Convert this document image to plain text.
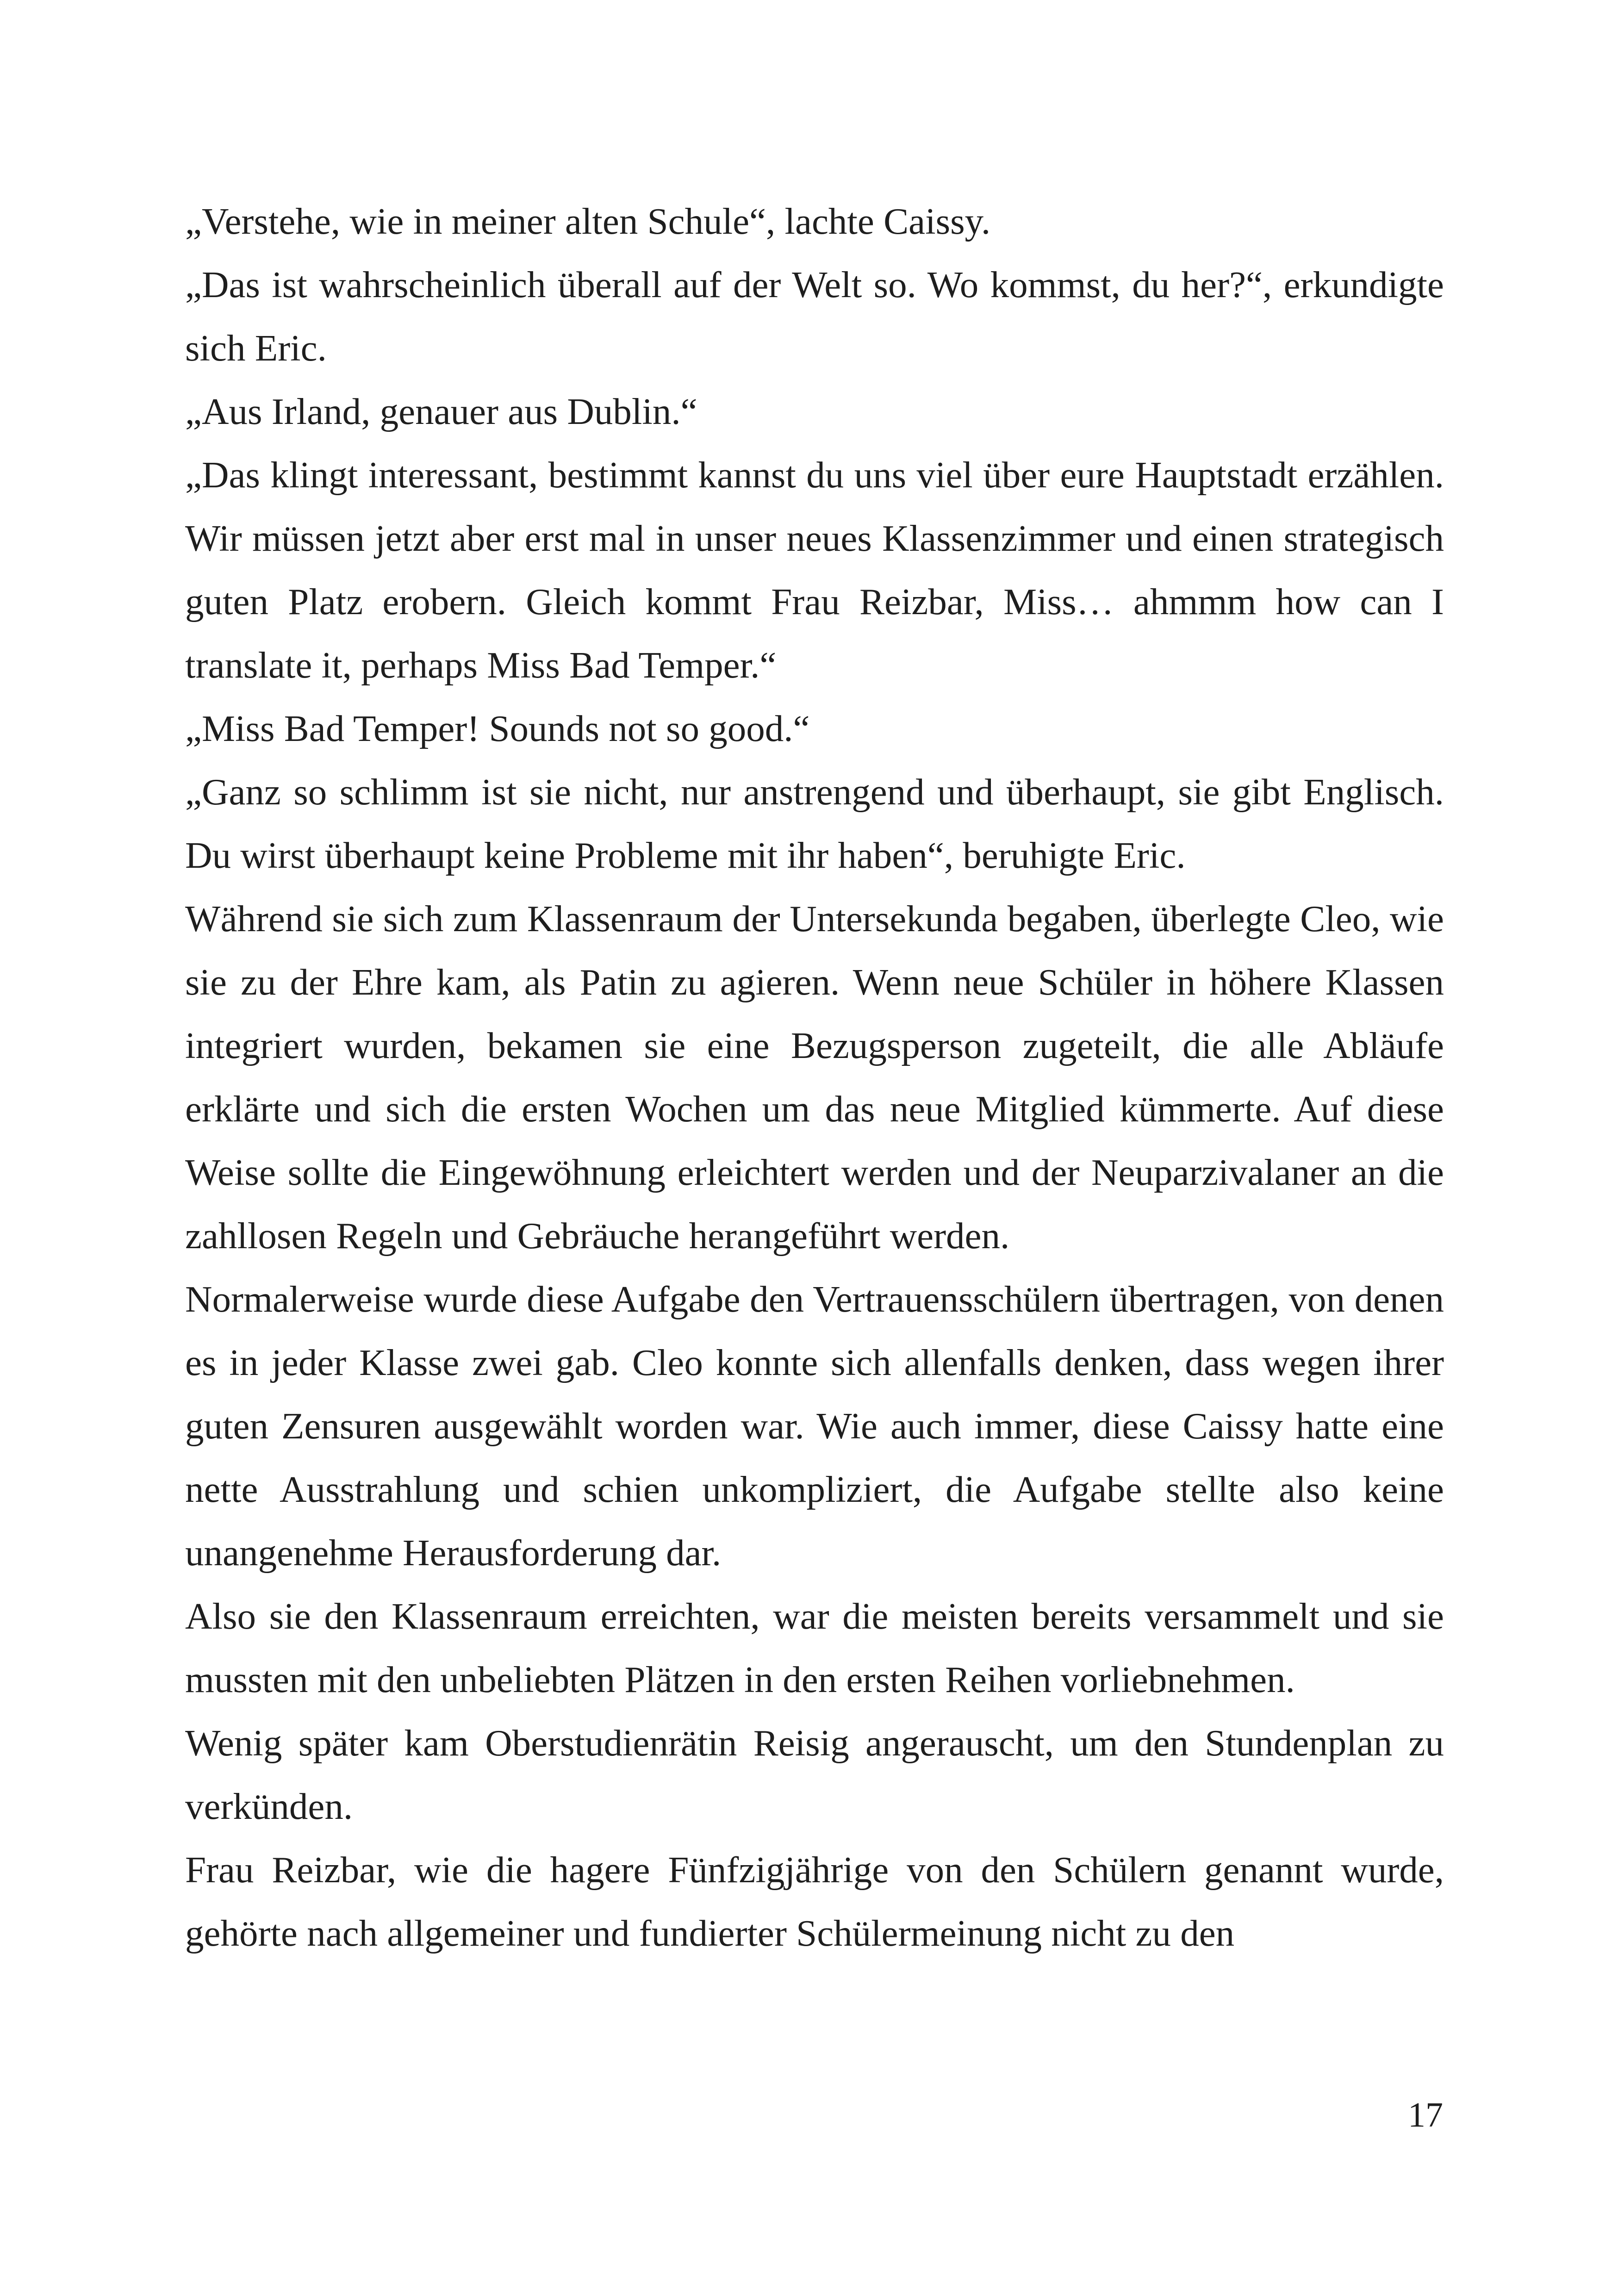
„Verstehe, wie in meiner alten Schule“, lachte Caissy.

„Das ist wahrscheinlich überall auf der Welt so. Wo kommst, du her?“, erkundigte sich Eric.

„Aus Irland, genauer aus Dublin.“

„Das klingt interessant, bestimmt kannst du uns viel über eure Hauptstadt erzählen. Wir müssen jetzt aber erst mal in unser neues Klassenzimmer und einen strategisch guten Platz erobern. Gleich kommt Frau Reizbar, Miss… ahmmm how can I translate it, perhaps Miss Bad Temper.“

„Miss Bad Temper! Sounds not so good.“

„Ganz so schlimm ist sie nicht, nur anstrengend und überhaupt, sie gibt Englisch. Du wirst überhaupt keine Probleme mit ihr haben“, beruhigte Eric.

Während sie sich zum Klassenraum der Untersekunda begaben, überlegte Cleo, wie sie zu der Ehre kam, als Patin zu agieren. Wenn neue Schüler in höhere Klassen integriert wurden, bekamen sie eine Bezugsperson zugeteilt, die alle Abläufe erklärte und sich die ersten Wochen um das neue Mitglied kümmerte. Auf diese Weise sollte die Eingewöhnung erleichtert werden und der Neuparzivalaner an die zahllosen Regeln und Gebräuche herangeführt werden.

Normalerweise wurde diese Aufgabe den Vertrauensschülern übertragen, von denen es in jeder Klasse zwei gab. Cleo konnte sich allenfalls denken, dass wegen ihrer guten Zensuren ausgewählt worden war. Wie auch immer, diese Caissy hatte eine nette Ausstrahlung und schien unkompliziert, die Aufgabe stellte also keine unangenehme Herausforderung dar.

Also sie den Klassenraum erreichten, war die meisten bereits versammelt und sie mussten mit den unbeliebten Plätzen in den ersten Reihen vorliebnehmen.

Wenig später kam Oberstudienrätin Reisig angerauscht, um den Stundenplan zu verkünden.

Frau Reizbar, wie die hagere Fünfzigjährige von den Schülern genannt wurde, gehörte nach allgemeiner und fundierter Schülermeinung nicht zu den

17
